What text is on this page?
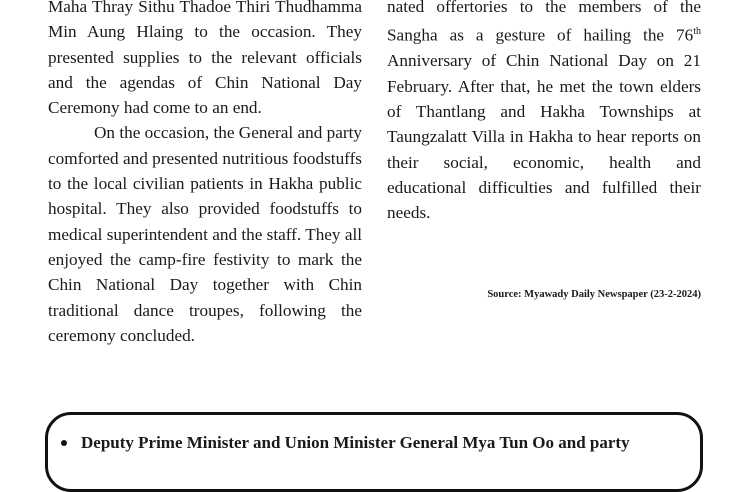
Maha Thray Sithu Thadoe Thiri Thudhamma Min Aung Hlaing to the occasion. They presented supplies to the relevant officials and the agendas of Chin National Day Ceremony had come to an end.

On the occasion, the General and party comforted and presented nutritious foodstuffs to the local civilian patients in Hakha public hospital. They also provided foodstuffs to medical superintendent and the staff. They all enjoyed the camp-fire festivity to mark the Chin National Day together with Chin traditional dance troupes, following the ceremony concluded.

nated offertories to the members of the Sangha as a gesture of hailing the 76th Anniversary of Chin National Day on 21 February. After that, he met the town elders of Thantlang and Hakha Townships at Taungzalatt Villa in Hakha to hear reports on their social, economic, health and educational difficulties and fulfilled their needs.

Source: Myawady Daily Newspaper (23-2-2024)
Deputy Prime Minister and Union Minister General Mya Tun Oo and party
